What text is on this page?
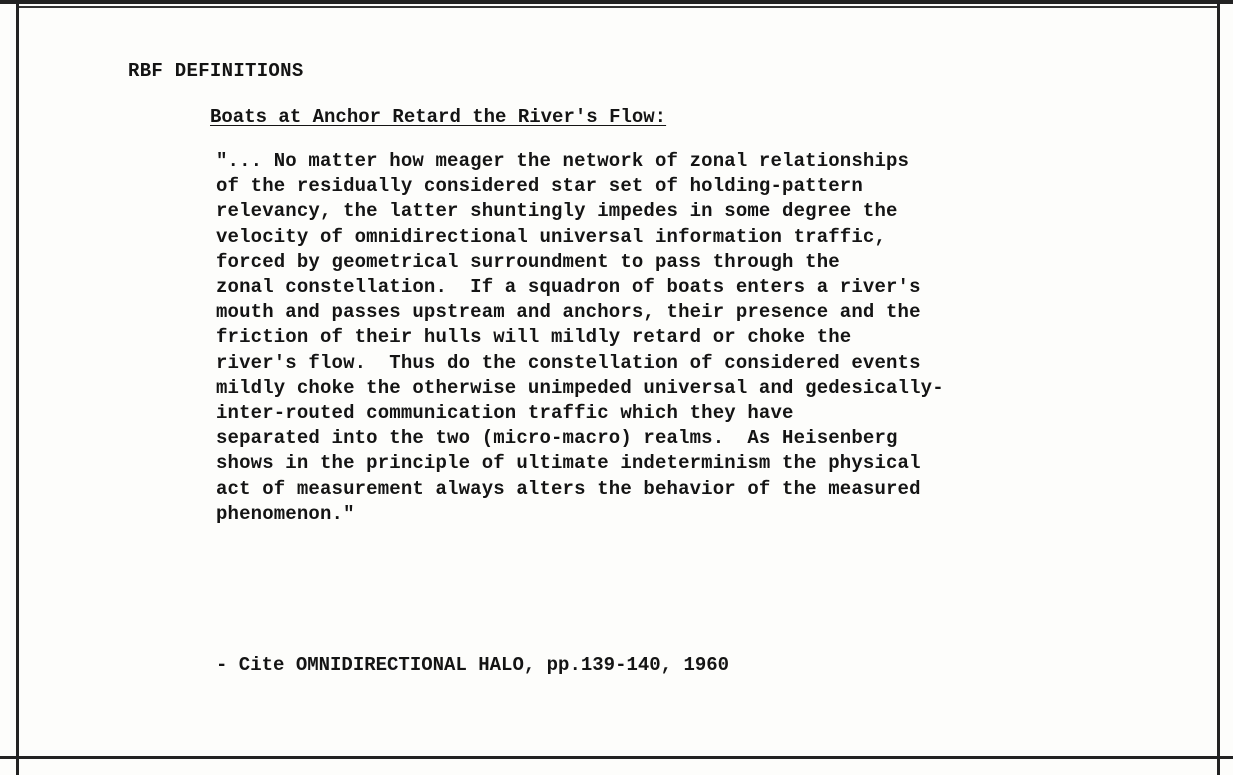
RBF DEFINITIONS
Boats at Anchor Retard the River's Flow:
"... No matter how meager the network of zonal relationships
of the residually considered star set of holding-pattern
relevancy, the latter shuntingly impedes in some degree the
velocity of omnidirectional universal information traffic,
forced by geometrical surroundment to pass through the
zonal constellation.  If a squadron of boats enters a river's
mouth and passes upstream and anchors, their presence and the
friction of their hulls will mildly retard or choke the
river's flow.  Thus do the constellation of considered events
mildly choke the otherwise unimpeded universal and gedesically-
inter-routed communication traffic which they have
separated into the two (micro-macro) realms.  As Heisenberg
shows in the principle of ultimate indeterminism the physical
act of measurement always alters the behavior of the measured
phenomenon."
- Cite OMNIDIRECTIONAL HALO, pp.139-140, 1960
